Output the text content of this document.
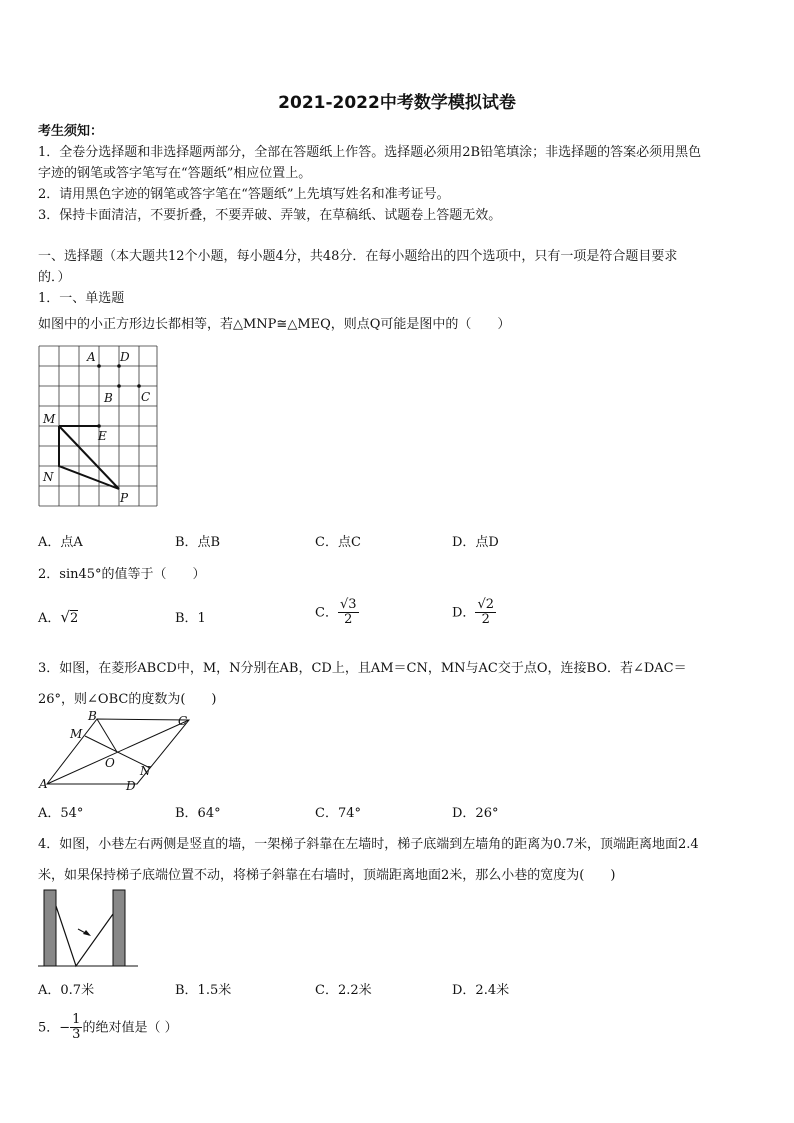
2021-2022中考数学模拟试卷
考生须知：
1．全卷分选择题和非选择题两部分，全部在答题纸上作答。选择题必须用2B铅笔填涂；非选择题的答案必须用黑色
字迹的钢笔或答字笔写在“答题纸”相应位置上。
2．请用黑色字迹的钢笔或答字笔在“答题纸”上先填写姓名和准考证号。
3．保持卡面清洁，不要折叠，不要弄破、弄皱，在草稿纸、试题卷上答题无效。
一、选择题（本大题共12个小题，每小题4分，共48分．在每小题给出的四个选项中，只有一项是符合题目要求
的．）
1．一、单选题
如图中的小正方形边长都相等，若△MNP≅△MEQ，则点Q可能是图中的（　　）
A D
B C
M
E
N
P
A．点A	B．点B	C．点C	D．点D
2．sin45°的值等于（　　）
A．√2	B．1	C． $\frac{√3}{2}$	D． $\frac{√2}{2}$
3．如图，在菱形ABCD中，M，N分别在AB，CD上，且AM＝CN，MN与AC交于点O，连接BO．若∠DAC＝
26°，则∠OBC的度数为(　　)
A
B	C
D
M
N
O
A．54°	B．64°	C．74°	D．26°
4．如图，小巷左右两侧是竖直的墙，一架梯子斜靠在左墙时，梯子底端到左墙角的距离为0.7米，顶端距离地面2.4
米，如果保持梯子底端位置不动，将梯子斜靠在右墙时，顶端距离地面2米，那么小巷的宽度为(　　)
A．0.7米	B．1.5米	C．2.2米	D．2.4米
5．− $\frac{1}{3}$ 的绝对值是（ ）
